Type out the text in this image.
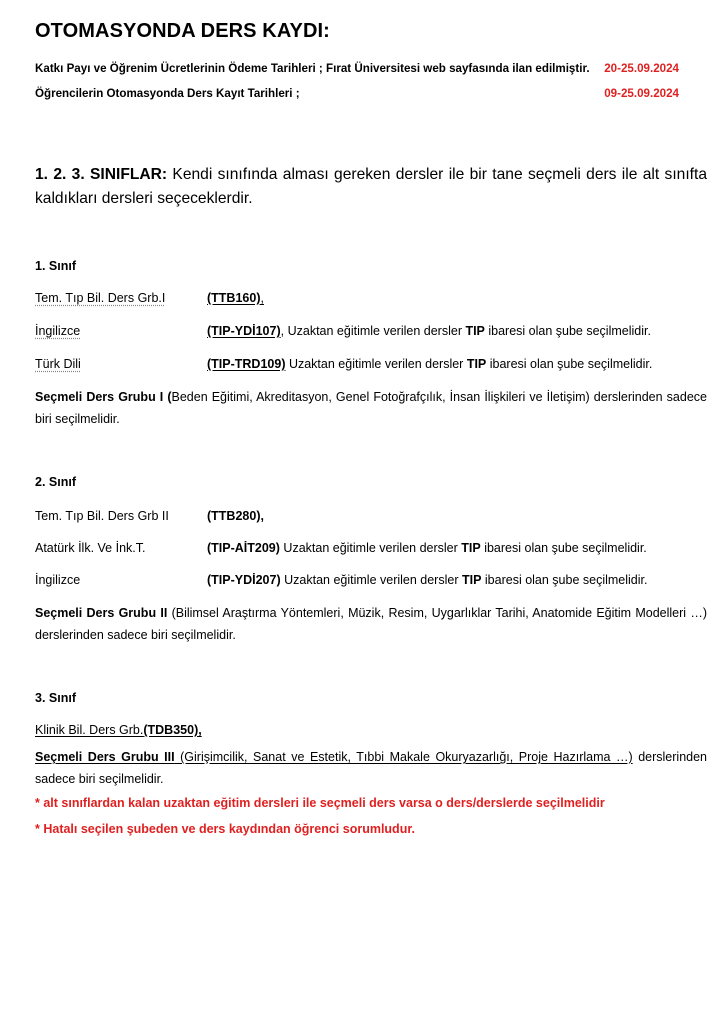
OTOMASYONDA DERS KAYDI:
Katkı Payı ve Öğrenim Ücretlerinin Ödeme Tarihleri ; Fırat Üniversitesi web sayfasında ilan edilmiştir. 20-25.09.2024
Öğrencilerin Otomasyonda Ders Kayıt Tarihleri ;	09-25.09.2024
1. 2. 3. SINIFLAR: Kendi sınıfında alması gereken dersler ile bir tane seçmeli ders ile alt sınıfta kaldıkları dersleri seçeceklerdir.
1. Sınıf
Tem. Tıp Bil. Ders Grb.I	(TTB160),
İngilizce	(TIP-YDİ107), Uzaktan eğitimle verilen dersler TIP ibaresi olan şube seçilmelidir.
Türk Dili	(TIP-TRD109) Uzaktan eğitimle verilen dersler TIP ibaresi olan şube seçilmelidir.
Seçmeli Ders Grubu I (Beden Eğitimi, Akreditasyon, Genel Fotoğrafçılık, İnsan İlişkileri ve İletişim) derslerinden sadece biri seçilmelidir.
2. Sınıf
Tem. Tıp Bil. Ders Grb II	(TTB280),
Atatürk İlk. Ve İnk.T.	(TIP-AİT209) Uzaktan eğitimle verilen dersler TIP ibaresi olan şube seçilmelidir.
İngilizce	(TIP-YDİ207) Uzaktan eğitimle verilen dersler TIP ibaresi olan şube seçilmelidir.
Seçmeli Ders Grubu II (Bilimsel Araştırma Yöntemleri, Müzik, Resim, Uygarlıklar Tarihi, Anatomide Eğitim Modelleri …) derslerinden sadece biri seçilmelidir.
3. Sınıf
Klinik Bil. Ders Grb.(TDB350),
Seçmeli Ders Grubu III (Girişimcilik, Sanat ve Estetik, Tıbbi Makale Okuryazarlığı, Proje Hazırlama …) derslerinden sadece biri seçilmelidir.
* alt sınıflardan kalan uzaktan eğitim dersleri ile seçmeli ders varsa o ders/derslerde seçilmelidir
* Hatalı seçilen şubeden ve ders kaydından öğrenci sorumludur.
